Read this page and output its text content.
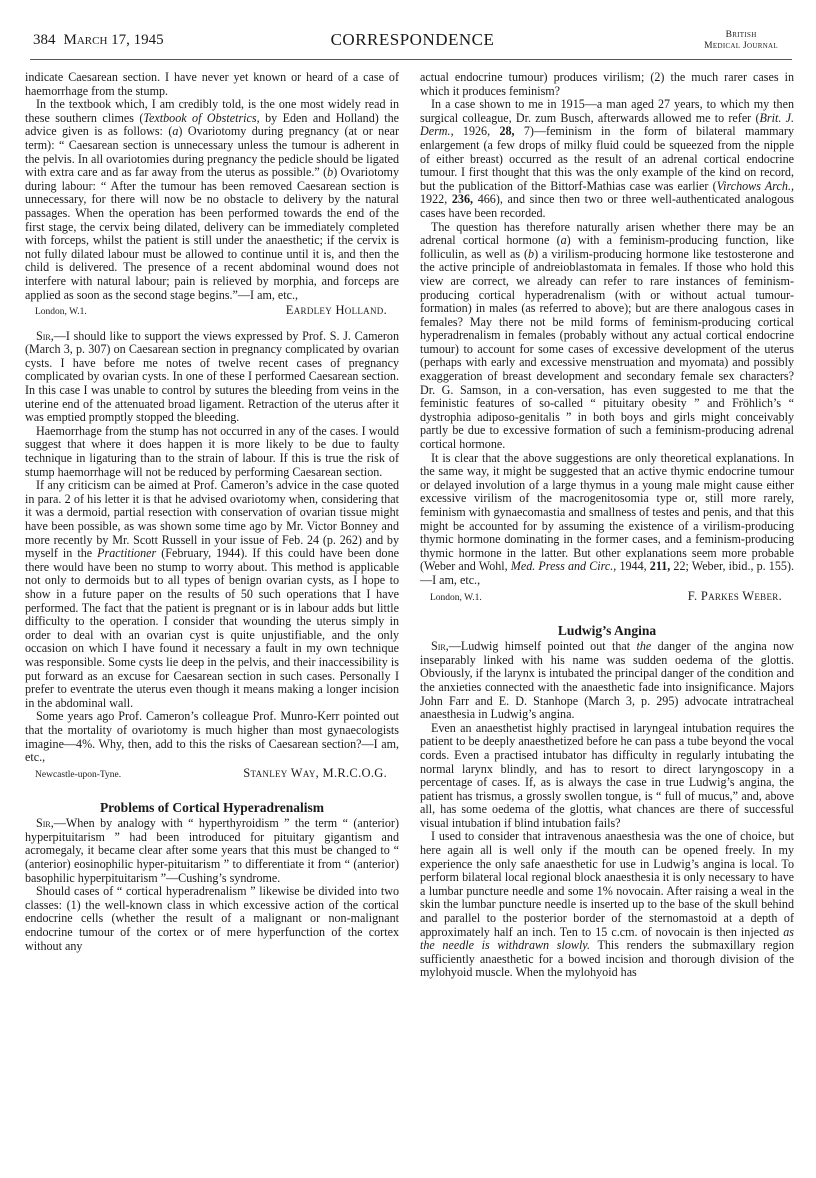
384 March 17, 1945	CORRESPONDENCE	British
Medical Journal

indicate Caesarean section. I have never yet known or heard of a case of haemorrhage from the stump.

In the textbook which, I am credibly told, is the one most widely read in these southern climes (Textbook of Obstetrics, by Eden and Holland) the advice given is as follows: (a) Ovariotomy during pregnancy (at or near term): “ Caesarean section is unnecessary unless the tumour is adherent in the pelvis. In all ovariotomies during pregnancy the pedicle should be ligated with extra care and as far away from the uterus as possible.” (b) Ovariotomy during labour: “ After the tumour has been removed Caesarean section is unnecessary, for there will now be no obstacle to delivery by the natural passages. When the operation has been performed towards the end of the first stage, the cervix being dilated, delivery can be immediately completed with forceps, whilst the patient is still under the anaesthetic; if the cervix is not fully dilated labour must be allowed to continue until it is, and then the child is delivered. The presence of a recent abdominal wound does not interfere with natural labour; pain is relieved by morphia, and forceps are applied as soon as the second stage begins.”—I am, etc.,

London, W.1.	Eardley Holland.

Sir,—I should like to support the views expressed by Prof. S. J. Cameron (March 3, p. 307) on Caesarean section in pregnancy complicated by ovarian cysts. I have before me notes of twelve recent cases of pregnancy complicated by ovarian cysts. In one of these I performed Caesarean section. In this case I was unable to control by sutures the bleeding from veins in the uterine end of the attenuated broad ligament. Retraction of the uterus after it was emptied promptly stopped the bleeding.

Haemorrhage from the stump has not occurred in any of the cases. I would suggest that where it does happen it is more likely to be due to faulty technique in ligaturing than to the strain of labour. If this is true the risk of stump haemorrhage will not be reduced by performing Caesarean section.

If any criticism can be aimed at Prof. Cameron’s advice in the case quoted in para. 2 of his letter it is that he advised ovariotomy when, considering that it was a dermoid, partial resection with conservation of ovarian tissue might have been possible, as was shown some time ago by Mr. Victor Bonney and more recently by Mr. Scott Russell in your issue of Feb. 24 (p. 262) and by myself in the Practitioner (February, 1944). If this could have been done there would have been no stump to worry about. This method is applicable not only to dermoids but to all types of benign ovarian cysts, as I hope to show in a future paper on the results of 50 such operations that I have performed. The fact that the patient is pregnant or is in labour adds but little difficulty to the operation. I consider that wounding the uterus simply in order to deal with an ovarian cyst is quite unjustifiable, and the only occasion on which I have found it necessary a fault in my own technique was responsible. Some cysts lie deep in the pelvis, and their inaccessibility is put forward as an excuse for Caesarean section in such cases. Personally I prefer to eventrate the uterus even though it means making a longer incision in the abdominal wall.

Some years ago Prof. Cameron’s colleague Prof. Munro-Kerr pointed out that the mortality of ovariotomy is much higher than most gynaecologists imagine—4%. Why, then, add to this the risks of Caesarean section?—I am, etc.,

Newcastle-upon-Tyne.	Stanley Way, M.R.C.O.G.
Problems of Cortical Hyperadrenalism

Sir,—When by analogy with “ hyperthyroidism ” the term “ (anterior) hyperpituitarism ” had been introduced for pituitary gigantism and acromegaly, it became clear after some years that this must be changed to “ (anterior) eosinophilic hyper-pituitarism ” to differentiate it from “ (anterior) basophilic hyperpituitarism ”—Cushing’s syndrome.

Should cases of “ cortical hyperadrenalism ” likewise be divided into two classes: (1) the well-known class in which excessive action of the cortical endocrine cells (whether the result of a malignant or non-malignant endocrine tumour of the cortex or of mere hyperfunction of the cortex without any

actual endocrine tumour) produces virilism; (2) the much rarer cases in which it produces feminism?

In a case shown to me in 1915—a man aged 27 years, to which my then surgical colleague, Dr. zum Busch, afterwards allowed me to refer (Brit. J. Derm., 1926, 28, 7)—feminism in the form of bilateral mammary enlargement (a few drops of milky fluid could be squeezed from the nipple of either breast) occurred as the result of an adrenal cortical endocrine tumour. I first thought that this was the only example of the kind on record, but the publication of the Bittorf-Mathias case was earlier (Virchows Arch., 1922, 236, 466), and since then two or three well-authenticated analogous cases have been recorded.

The question has therefore naturally arisen whether there may be an adrenal cortical hormone (a) with a feminism-producing function, like folliculin, as well as (b) a virilism-producing hormone like testosterone and the active principle of andreioblastomata in females. If those who hold this view are correct, we already can refer to rare instances of feminism-producing cortical hyperadrenalism (with or without actual tumour-formation) in males (as referred to above); but are there analogous cases in females? May there not be mild forms of feminism-producing cortical hyperadrenalism in females (probably without any actual cortical endocrine tumour) to account for some cases of excessive development of the uterus (perhaps with early and excessive menstruation and myomata) and possibly exaggeration of breast development and secondary female sex characters? Dr. G. Samson, in a con-versation, has even suggested to me that the feministic features of so-called “ pituitary obesity ” and Fröhlich’s “ dystrophia adiposo-genitalis ” in both boys and girls might conceivably partly be due to excessive formation of such a feminism-producing adrenal cortical hormone.

It is clear that the above suggestions are only theoretical explanations. In the same way, it might be suggested that an active thymic endocrine tumour or delayed involution of a large thymus in a young male might cause either excessive virilism of the macrogenitosomia type or, still more rarely, feminism with gynaecomastia and smallness of testes and penis, and that this might be accounted for by assuming the existence of a virilism-producing thymic hormone dominating in the former cases, and a feminism-producing thymic hormone in the latter. But other explanations seem more probable (Weber and Wohl, Med. Press and Circ., 1944, 211, 22; Weber, ibid., p. 155).—I am, etc.,

London, W.1.	F. Parkes Weber.
Ludwig’s Angina

Sir,—Ludwig himself pointed out that the danger of the angina now inseparably linked with his name was sudden oedema of the glottis. Obviously, if the larynx is intubated the principal danger of the condition and the anxieties connected with the anaesthetic fade into insignificance. Majors John Farr and E. D. Stanhope (March 3, p. 295) advocate intratracheal anaesthesia in Ludwig’s angina.

Even an anaesthetist highly practised in laryngeal intubation requires the patient to be deeply anaesthetized before he can pass a tube beyond the vocal cords. Even a practised intubator has difficulty in regularly intubating the normal larynx blindly, and has to resort to direct laryngoscopy in a percentage of cases. If, as is always the case in true Ludwig’s angina, the patient has trismus, a grossly swollen tongue, is “ full of mucus,” and, above all, has some oedema of the glottis, what chances are there of successful visual intubation if blind intubation fails?

I used to consider that intravenous anaesthesia was the one of choice, but here again all is well only if the mouth can be opened freely. In my experience the only safe anaesthetic for use in Ludwig’s angina is local. To perform bilateral local regional block anaesthesia it is only necessary to have a lumbar puncture needle and some 1% novocain. After raising a weal in the skin the lumbar puncture needle is inserted up to the base of the skull behind and parallel to the posterior border of the sternomastoid at a depth of approximately half an inch. Ten to 15 c.cm. of novocain is then injected as the needle is withdrawn slowly. This renders the submaxillary region sufficiently anaesthetic for a bowed incision and thorough division of the mylohyoid muscle. When the mylohyoid has
